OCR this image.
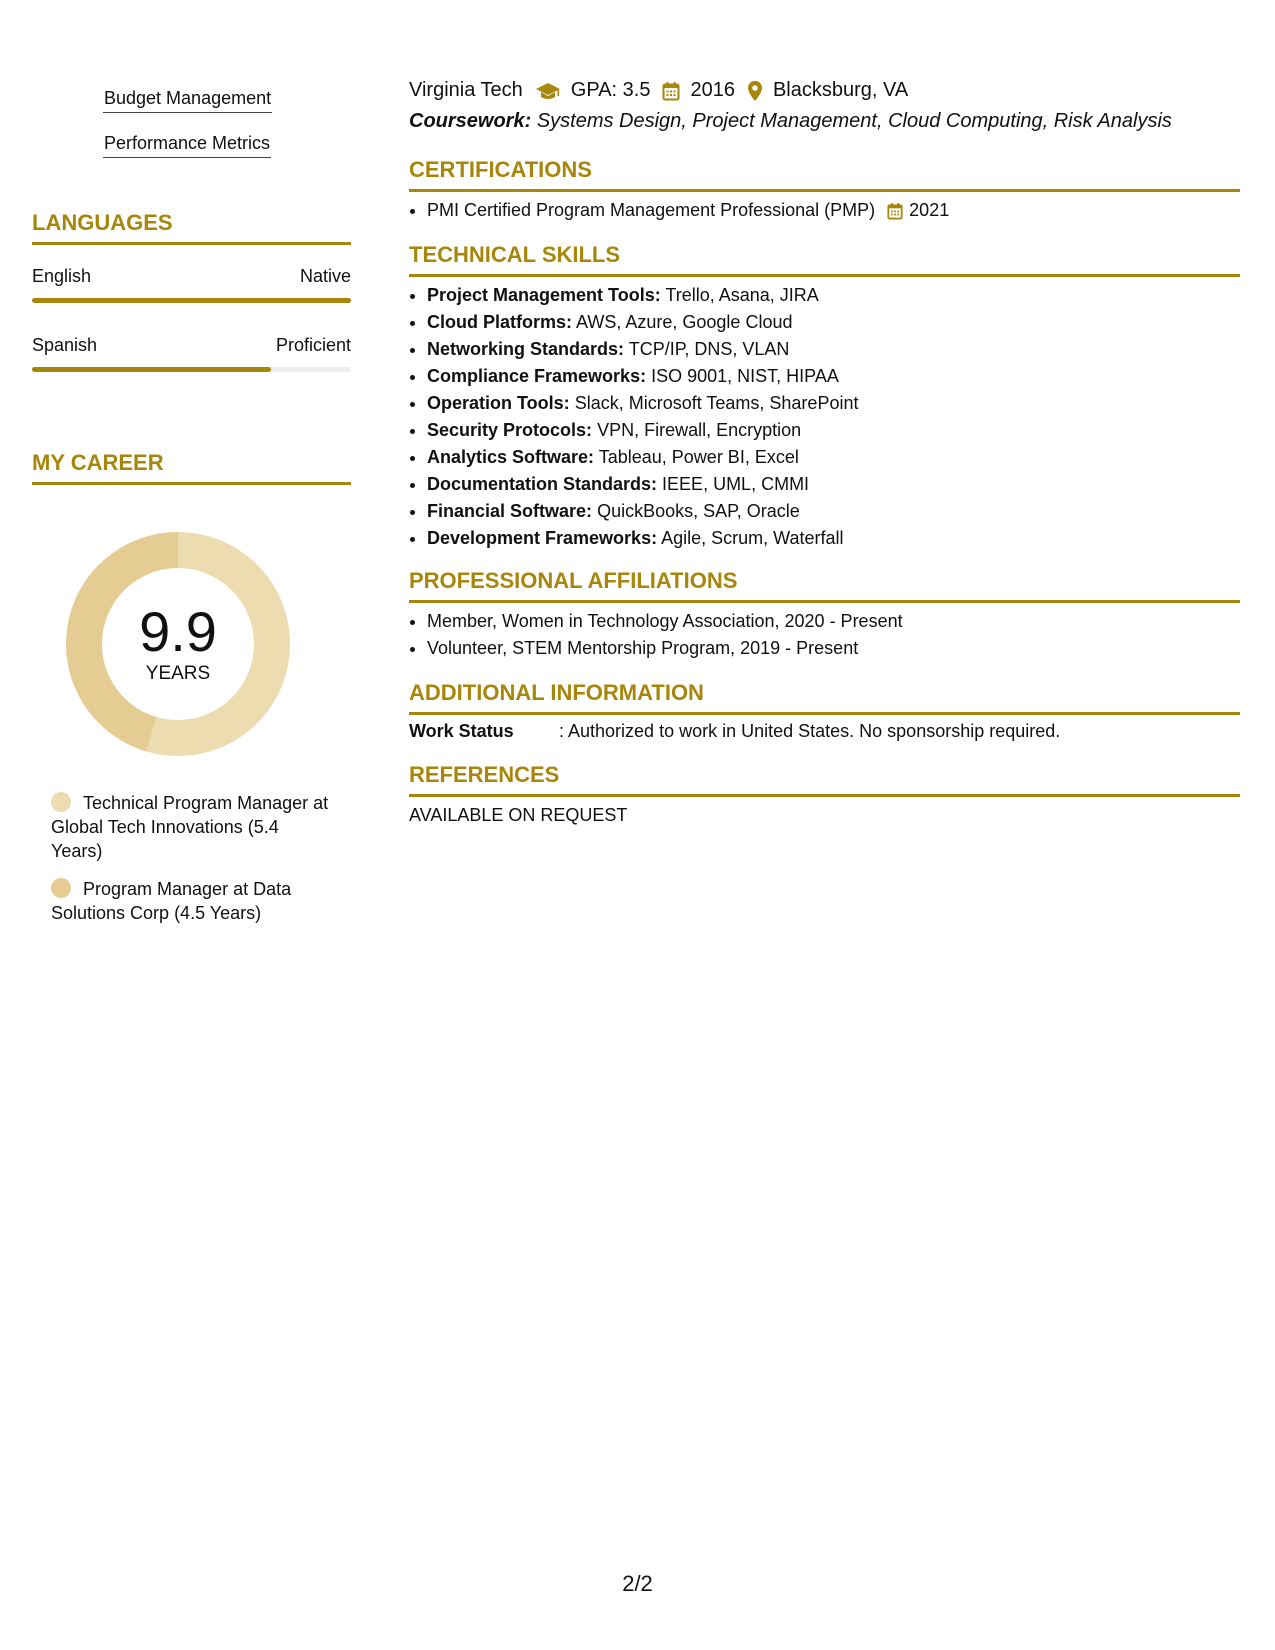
Budget Management
Performance Metrics
LANGUAGES
English	Native
Spanish	Proficient
MY CAREER
9.9
YEARS
Technical Program Manager at Global Tech Innovations (5.4 Years)
Program Manager at Data Solutions Corp (4.5 Years)
Virginia Tech GPA: 3.5 2016 Blacksburg, VA
Coursework: Systems Design, Project Management, Cloud Computing, Risk Analysis
CERTIFICATIONS
• PMI Certified Program Management Professional (PMP) 2021
TECHNICAL SKILLS
• Project Management Tools: Trello, Asana, JIRA
• Cloud Platforms: AWS, Azure, Google Cloud
• Networking Standards: TCP/IP, DNS, VLAN
• Compliance Frameworks: ISO 9001, NIST, HIPAA
• Operation Tools: Slack, Microsoft Teams, SharePoint
• Security Protocols: VPN, Firewall, Encryption
• Analytics Software: Tableau, Power BI, Excel
• Documentation Standards: IEEE, UML, CMMI
• Financial Software: QuickBooks, SAP, Oracle
• Development Frameworks: Agile, Scrum, Waterfall
PROFESSIONAL AFFILIATIONS
• Member, Women in Technology Association, 2020 - Present
• Volunteer, STEM Mentorship Program, 2019 - Present
ADDITIONAL INFORMATION
Work Status	: Authorized to work in United States. No sponsorship required.
REFERENCES
AVAILABLE ON REQUEST
2/2
